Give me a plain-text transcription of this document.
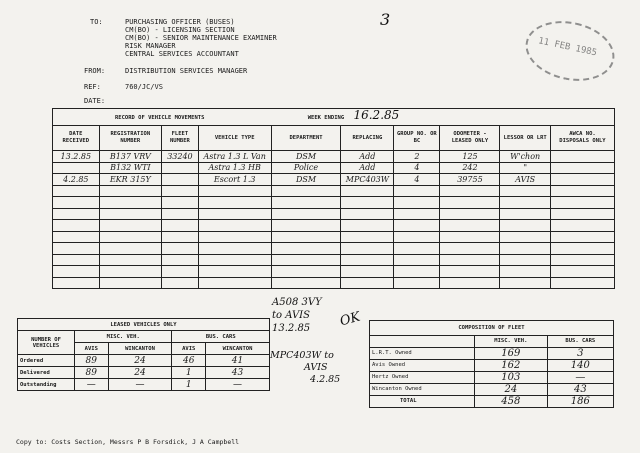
TO:	PURCHASING OFFICER (BUSES)
CM(BO) - LICENSING SECTION
CM(BO) - SENIOR MAINTENANCE EXAMINER
RISK MANAGER
CENTRAL SERVICES ACCOUNTANT
3
FROM:	DISTRIBUTION SERVICES MANAGER
REF:	760/JC/VS
DATE:
11 FEB 1985
RECORD OF VEHICLE MOVEMENTS WEEK ENDING 16.2.85									
DATE RECEIVED	REGISTRATION NUMBER	FLEET NUMBER	VEHICLE TYPE	DEPARTMENT	REPLACING	GROUP NO. OR BC	ODOMETER - LEASED ONLY	LESSOR OR LRT	AWCA NO. DISPOSALS ONLY
13.2.85	B137 VRV	33240	Astra 1.3 L Van	DSM	Add	2	125	W'chon	
	B132 WTI		Astra 1.3 HB	Police	Add	4	242	"	
4.2.85	EKR 315Y		Escort 1.3	DSM	MPC403W	4	39755	AVIS	

A508 3VY
to AVIS
13.2.85
MPC403W to
AVIS
4.2.85
OK
LEASED VEHICLES ONLY				
NUMBER OF VEHICLES	MISC. VEH.		BUS. CARS	
	AVIS	WINCANTON	AVIS	WINCANTON
Ordered	89	24	46	41
Delivered	89	24	1	43
Outstanding	—	—	1	—
COMPOSITION OF FLEET		
	MISC. VEH.	BUS. CARS
L.R.T. Owned	169	3
Avis Owned	162	140
Hertz Owned	103	—
Wincanton Owned	24	43
TOTAL	458	186
Copy to: Costs Section, Messrs P B Forsdick, J A Campbell
